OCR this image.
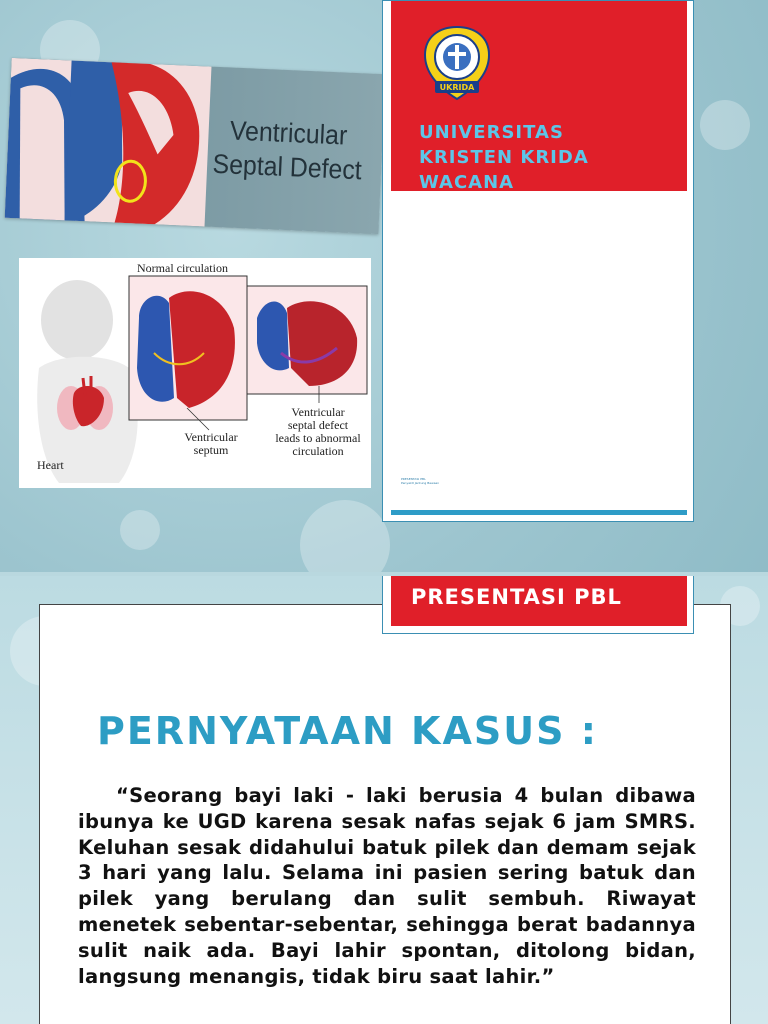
Ventricular
Septal Defect
Normal circulation
Heart
Ventricular
septum
Ventricular
septal defect
leads to abnormal
circulation
UKRIDA
UNIVERSITAS
KRISTEN KRIDA
WACANA
PRESENTASI PBL
Penyakit Jantung Bawaan
PRESENTASI PBL
PERNYATAAN KASUS :
“Seorang bayi laki - laki berusia 4 bulan dibawa ibunya ke UGD karena sesak nafas sejak 6 jam SMRS. Keluhan sesak didahului batuk pilek dan demam sejak 3 hari yang lalu. Selama ini pasien sering batuk dan pilek yang berulang dan sulit sembuh. Riwayat menetek sebentar-sebentar, sehingga berat badannya sulit naik ada. Bayi lahir spontan, ditolong bidan, langsung menangis, tidak biru saat lahir.”
